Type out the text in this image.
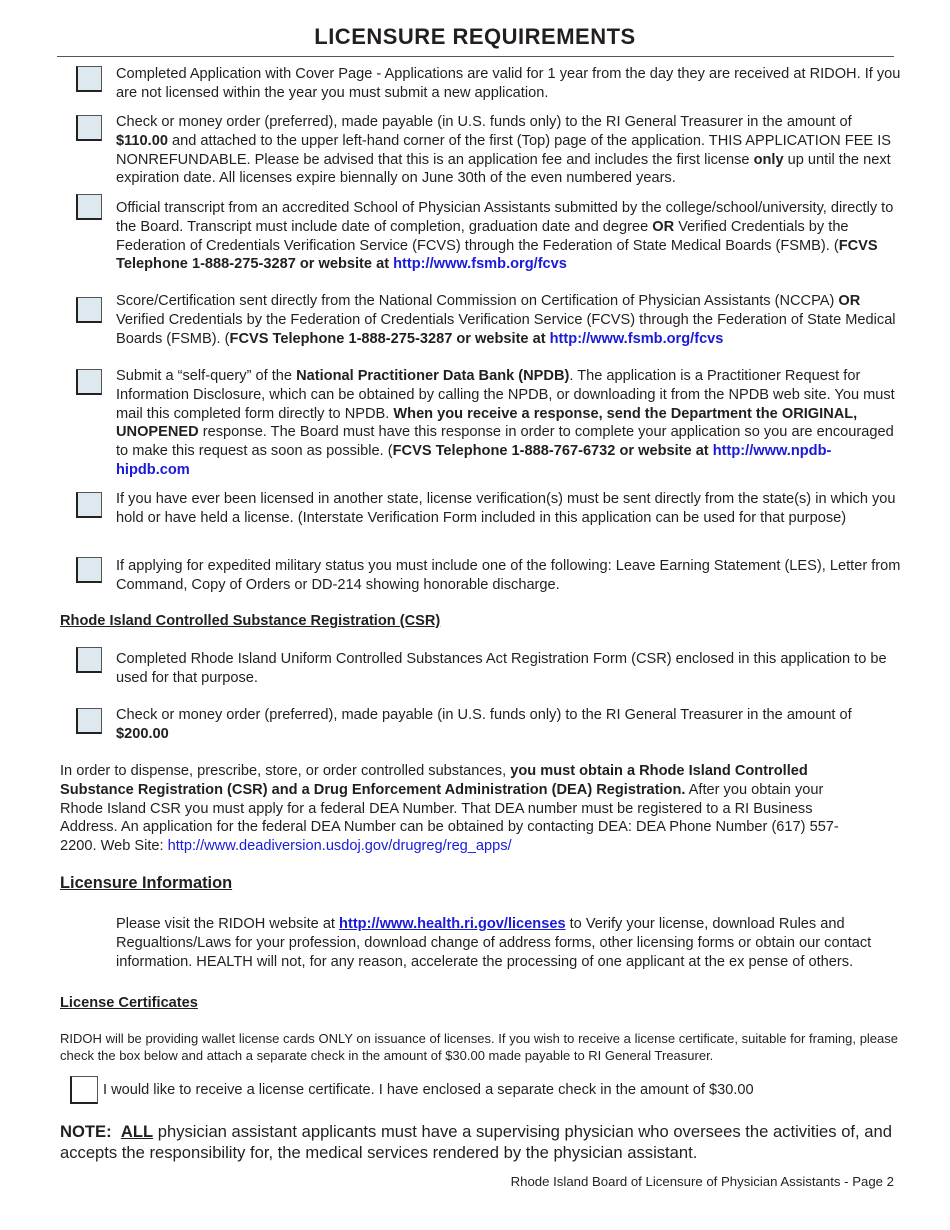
LICENSURE REQUIREMENTS
Completed Application with Cover Page - Applications are valid for 1 year from the day they are received at RIDOH. If you are not licensed within the year you must submit a new application.
Check or money order (preferred), made payable (in U.S. funds only) to the RI General Treasurer in the amount of $110.00 and attached to the upper left-hand corner of the first (Top) page of the application. THIS APPLICATION FEE IS NONREFUNDABLE. Please be advised that this is an application fee and includes the first license only up until the next expiration date. All licenses expire biennally on June 30th of the even numbered years.
Official transcript from an accredited School of Physician Assistants submitted by the college/school/university, directly to the Board. Transcript must include date of completion, graduation date and degree OR Verified Credentials by the Federation of Credentials Verification Service (FCVS) through the Federation of State Medical Boards (FSMB). (FCVS Telephone 1-888-275-3287 or website at http://www.fsmb.org/fcvs
Score/Certification sent directly from the National Commission on Certification of Physician Assistants (NCCPA) OR Verified Credentials by the Federation of Credentials Verification Service (FCVS) through the Federation of State Medical Boards (FSMB). (FCVS Telephone 1-888-275-3287 or website at http://www.fsmb.org/fcvs
Submit a “self-query” of the National Practitioner Data Bank (NPDB). The application is a Practitioner Request for Information Disclosure, which can be obtained by calling the NPDB, or downloading it from the NPDB web site. You must mail this completed form directly to NPDB. When you receive a response, send the Department the ORIGINAL, UNOPENED response. The Board must have this response in order to complete your application so you are encouraged to make this request as soon as possible. (FCVS Telephone 1-888-767-6732 or website at http://www.npdb-hipdb.com
If you have ever been licensed in another state, license verification(s) must be sent directly from the state(s) in which you hold or have held a license. (Interstate Verification Form included in this application can be used for that purpose)
If applying for expedited military status you must include one of the following: Leave Earning Statement (LES), Letter from Command, Copy of Orders or DD-214 showing honorable discharge.
Rhode Island Controlled Substance Registration (CSR)
Completed Rhode Island Uniform Controlled Substances Act Registration Form (CSR) enclosed in this application to be used for that purpose.
Check or money order (preferred), made payable (in U.S. funds only) to the RI General Treasurer in the amount of $200.00
In order to dispense, prescribe, store, or order controlled substances, you must obtain a Rhode Island Controlled Substance Registration (CSR) and a Drug Enforcement Administration (DEA) Registration. After you obtain your Rhode Island CSR you must apply for a federal DEA Number. That DEA number must be registered to a RI Business Address. An application for the federal DEA Number can be obtained by contacting DEA: DEA Phone Number (617) 557-2200. Web Site: http://www.deadiversion.usdoj.gov/drugreg/reg_apps/
Licensure Information
Please visit the RIDOH website at http://www.health.ri.gov/licenses to Verify your license, download Rules and Regualtions/Laws for your profession, download change of address forms, other licensing forms or obtain our contact information. HEALTH will not, for any reason, accelerate the processing of one applicant at the ex pense of others.
License Certificates
RIDOH will be providing wallet license cards ONLY on issuance of licenses. If you wish to receive a license certificate, suitable for framing, please check the box below and attach a separate check in the amount of $30.00 made payable to RI General Treasurer.
I would like to receive a license certificate. I have enclosed a separate check in the amount of $30.00
NOTE: ALL physician assistant applicants must have a supervising physician who oversees the activities of, and accepts the responsibility for, the medical services rendered by the physician assistant.
Rhode Island Board of Licensure of Physician Assistants - Page 2
